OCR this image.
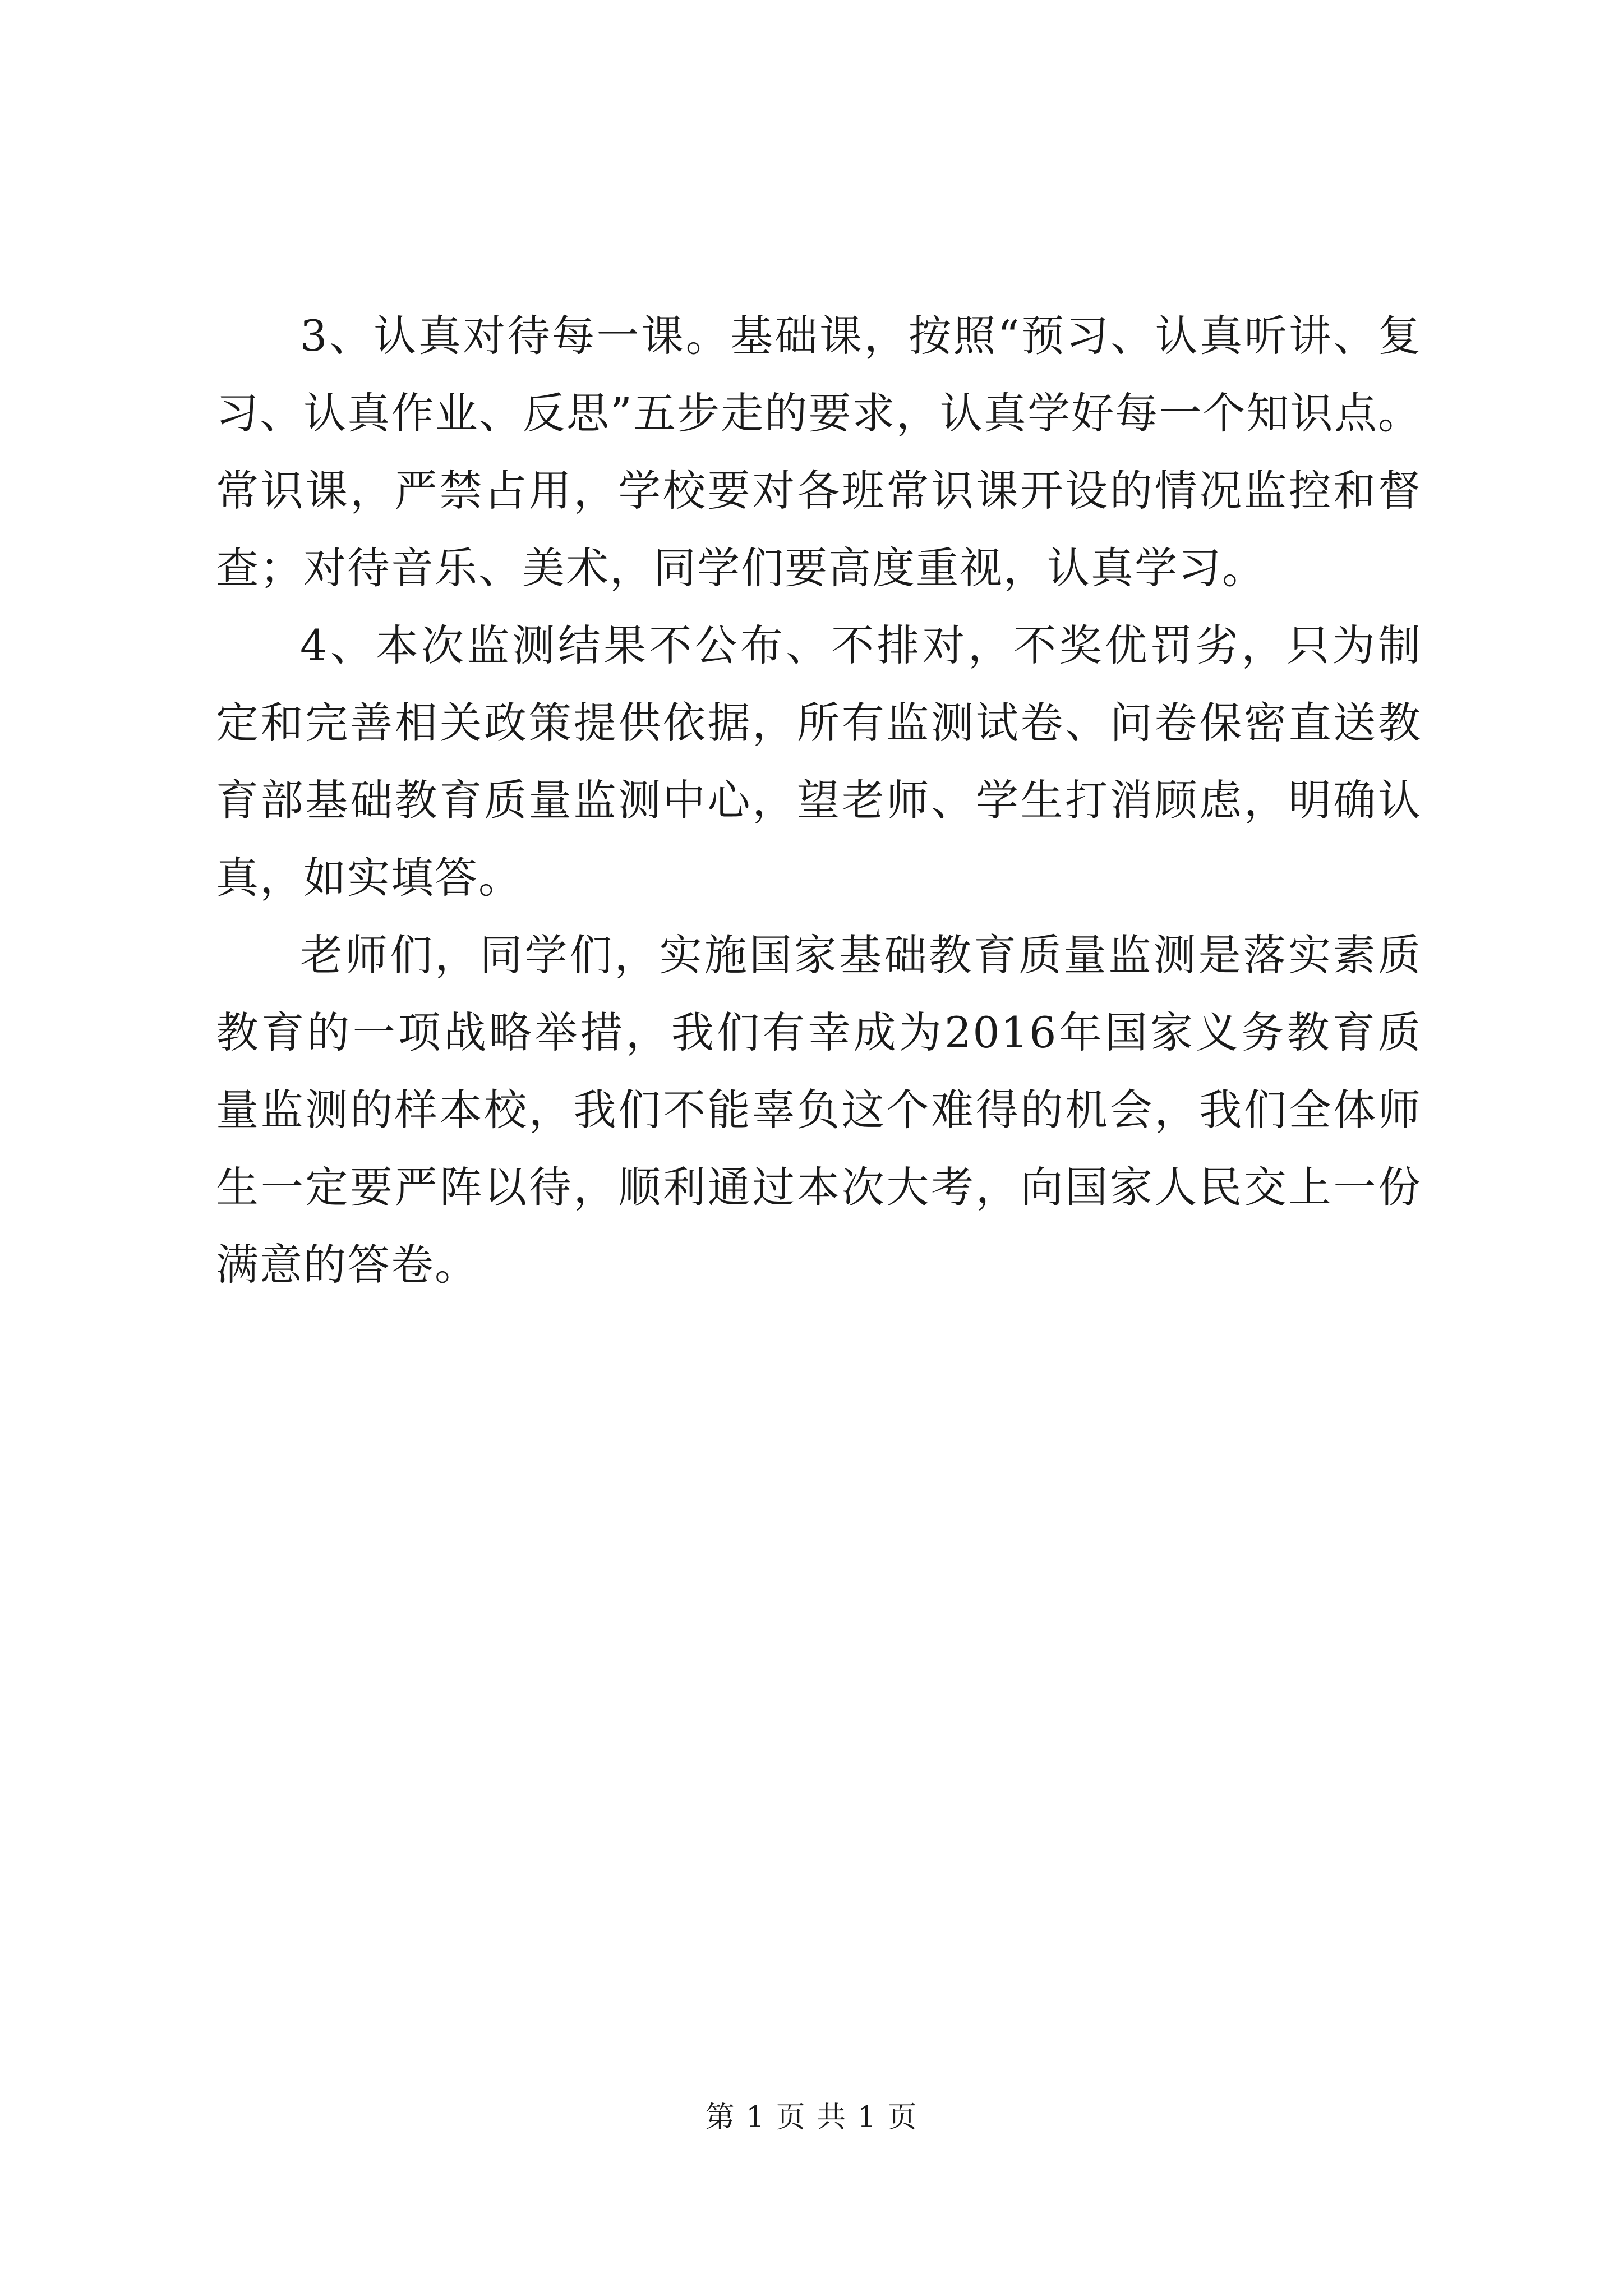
3、认真对待每一课。基础课，按照“预习、认真听讲、复习、认真作业、反思”五步走的要求，认真学好每一个知识点。常识课，严禁占用，学校要对各班常识课开设的情况监控和督查；对待音乐、美术，同学们要高度重视，认真学习。

4、本次监测结果不公布、不排对，不奖优罚劣，只为制定和完善相关政策提供依据，所有监测试卷、问卷保密直送教育部基础教育质量监测中心，望老师、学生打消顾虑，明确认真，如实填答。

老师们，同学们，实施国家基础教育质量监测是落实素质教育的一项战略举措，我们有幸成为2016年国家义务教育质量监测的样本校，我们不能辜负这个难得的机会，我们全体师生一定要严阵以待，顺利通过本次大考，向国家人民交上一份满意的答卷。

第 1 页 共 1 页
